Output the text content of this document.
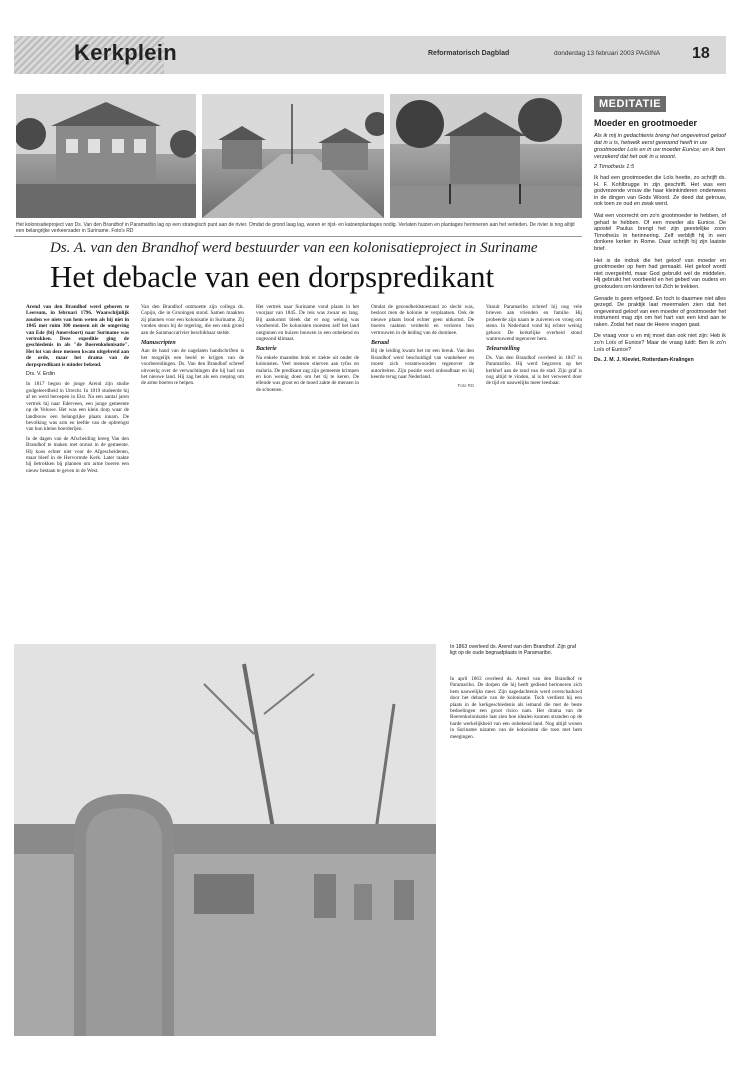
Kerkplein	Reformatorisch Dagblad	donderdag 13 februari 2003 PAGINA 18
Het kolonisatieproject van Ds. Van den Brandhof in Paramaribo lag op een strategisch punt aan de rivier. Omdat de grond laag lag, waren er rijst- en katoenplantages nodig. Verlaten huizen en plantages herinneren aan het verleden. De rivier is nog altijd een belangrijke verkeersader in Suriname. Foto's RD
Ds. A. van den Brandhof werd bestuurder van een kolonisatieproject in Suriname
Het debacle van een dorpspredikant

Arend van den Brandhof werd geboren te Leersum, in februari 1796. Waarschijnlijk zouden we niets van hem weten als hij niet in 1845 met ruim 300 mensen uit de omgeving van Ede (bij Amersfoort) naar Suriname was vertrokken. Deze expeditie ging de geschiedenis in als "de Boerenkolonisatie". Het lot van deze mensen kwam uitgebreid aan de orde, maar het drama van de dorpspredikant is minder bekend.

Drs. V. Erdin

In 1817 begon de jonge Arend zijn studie godgeleerdheid in Utrecht. In 1819 studeerde hij af en werd beroepen in Elst. Na een aantal jaren vertrok hij naar Ederveen, een jonge gemeente op de Veluwe. Het was een klein dorp waar de landbouw een belangrijke plaats innam. De bevolking was arm en leefde van de opbrengst van hun kleine boerderijen.

In de dagen van de Afscheiding kreeg Van den Brandhof te maken met onrust in de gemeente. Hij koos echter niet voor de Afgescheidenen, maar bleef in de Hervormde Kerk. Later raakte hij betrokken bij plannen om arme boeren een nieuw bestaan te geven in de West.

Van den Brandhof ontmoette zijn collega ds. Copijn, die in Groningen stond. Samen maakten zij plannen voor een kolonisatie in Suriname. Zij vonden steun bij de regering, die een stuk grond aan de Saramaccarivier beschikbaar stelde.

Manuscripten

Aan de hand van de nagelaten handschriften is het mogelijk een beeld te krijgen van de voorbereidingen. Ds. Van den Brandhof schreef uitvoerig over de verwachtingen die hij had van het nieuwe land. Hij zag het als een roeping om de arme boeren te helpen.

Het vertrek naar Suriname vond plaats in het voorjaar van 1845. De reis was zwaar en lang. Bij aankomst bleek dat er nog weinig was voorbereid. De kolonisten moesten zelf het land ontginnen en huizen bouwen in een onbekend en ongezond klimaat.

Bacterie

Na enkele maanden brak er ziekte uit onder de kolonisten. Veel mensen stierven aan tyfus en malaria. De predikant zag zijn gemeente krimpen en kon weinig doen om het tij te keren. De ellende was groot en de moed zakte de mensen in de schoenen.

Omdat de gezondheidstoestand zo slecht was, besloot men de kolonie te verplaatsen. Ook de nieuwe plaats bood echter geen uitkomst. De boeren raakten verdeeld en verloren hun vertrouwen in de leiding van de dominee.

Beraad

Bij de leiding kwam het tot een breuk. Van den Brandhof werd beschuldigd van wanbeheer en moest zich verantwoorden tegenover de autoriteiten. Zijn positie werd onhoudbaar en hij keerde terug naar Nederland.

Foto RD

Vanuit Paramaribo schreef hij nog vele brieven aan vrienden en familie. Hij probeerde zijn naam te zuiveren en vroeg om steun. In Nederland vond hij echter weinig gehoor. De kerkelijke overheid stond wantrouwend tegenover hem.

Teleurstelling

Ds. Van den Brandhof overleed in 1847 in Paramaribo. Hij werd begraven op het kerkhof aan de rand van de stad. Zijn graf is nog altijd te vinden, al is het verweerd door de tijd en nauwelijks meer leesbaar.

In 1863 overleed ds. Arend van den Brandhof. Zijn graf ligt op de oude begraafplaats in Paramaribo.

In april 1863 overleed ds. Arend van den Brandhof te Paramaribo. De dorpen die hij heeft gediend herinneren zich hem nauwelijks meer. Zijn nagedachtenis werd overschaduwd door het debacle van de kolonisatie. Toch verdient hij een plaats in de kerkgeschiedenis als iemand die met de beste bedoelingen een groot risico nam. Het drama van de Boerenkolonisatie laat zien hoe idealen kunnen stranden op de harde werkelijkheid van een onbekend land. Nog altijd wonen in Suriname nazaten van de kolonisten die toen met hem meegingen.

MEDITATIE
Moeder en grootmoeder
Als ik mij in gedachtenis breng het ongeveinsd geloof dat in u is, hetwelk eerst gewoond heeft in uw grootmoeder Loïs en in uw moeder Eunice; en ik ben verzekerd dat het ook in u woont.
2 Timotheüs 1:5
Ik had een grootmoeder die Loïs heette, zo schrijft ds. H. F. Kohlbrugge in zijn geschrift. Het was een godvrezende vrouw die haar kleinkinderen onderwees in de dingen van Gods Woord. Ze deed dat getrouw, ook toen ze oud en zwak werd.
Wat een voorrecht om zo'n grootmoeder te hebben, of gehad te hebben. Of een moeder als Eunice. De apostel Paulus brengt het zijn geestelijke zoon Timotheüs in herinnering. Zelf verblijft hij in een donkere kerker in Rome. Daar schrijft hij zijn laatste brief.
Het is de indruk die het geloof van moeder en grootmoeder op hem had gemaakt. Het geloof wordt niet overgeërfd, maar God gebruikt wel de middelen. Hij gebruikt het voorbeeld en het gebed van ouders en grootouders om kinderen tot Zich te trekken.
Genade is geen erfgoed. En toch is daarmee niet alles gezegd. De praktijk laat meermalen zien dat het ongeveinsd geloof van een moeder of grootmoeder het instrument mag zijn om het hart van een kind aan te raken. Zodat het naar de Heere vragen gaat.
De vraag voor u en mij moet dan ook niet zijn: Heb ik zo'n Loïs of Eunice? Maar de vraag luidt: Ben ik zo'n Loïs of Eunice?
Ds. J. M. J. Kieviet, Rotterdam-Kralingen
